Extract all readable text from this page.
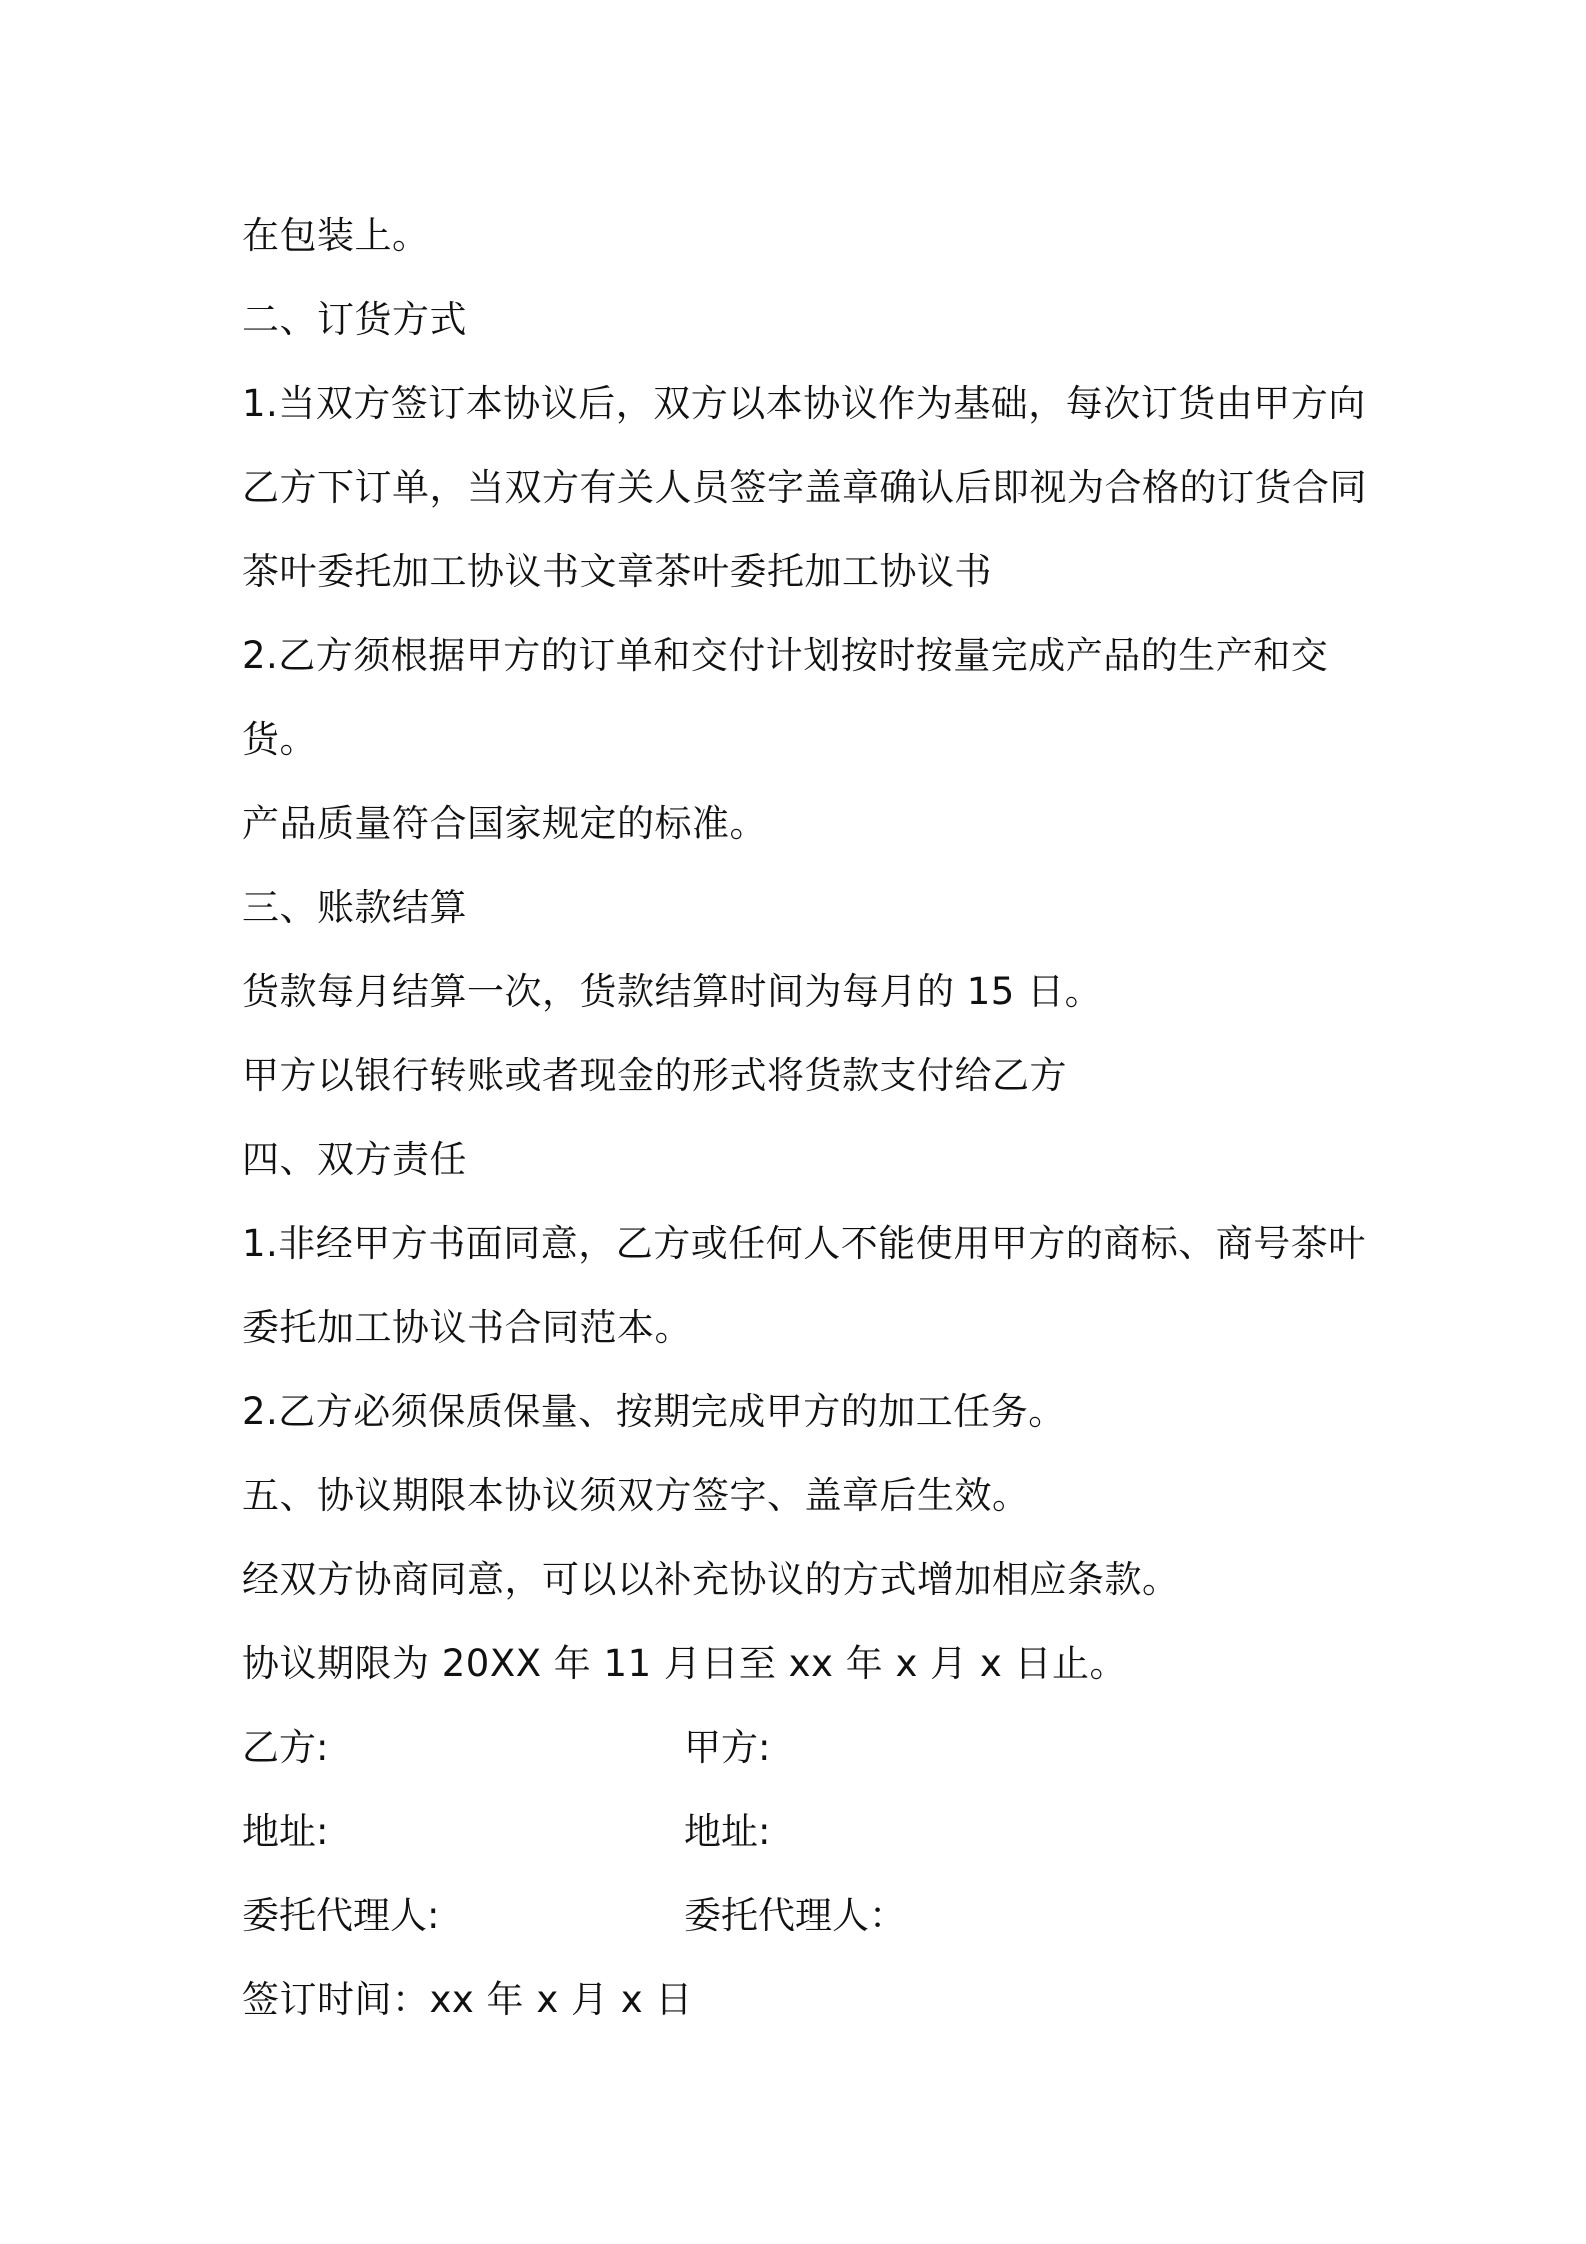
在包装上。
二、订货方式
1.当双方签订本协议后，双方以本协议作为基础，每次订货由甲方向
乙方下订单，当双方有关人员签字盖章确认后即视为合格的订货合同
茶叶委托加工协议书文章茶叶委托加工协议书
2.乙方须根据甲方的订单和交付计划按时按量完成产品的生产和交
货。
产品质量符合国家规定的标准。
三、账款结算
货款每月结算一次，货款结算时间为每月的 15 日。
甲方以银行转账或者现金的形式将货款支付给乙方
四、双方责任
1.非经甲方书面同意，乙方或任何人不能使用甲方的商标、商号茶叶
委托加工协议书合同范本。
2.乙方必须保质保量、按期完成甲方的加工任务。
五、协议期限本协议须双方签字、盖章后生效。
经双方协商同意，可以以补充协议的方式增加相应条款。
协议期限为 20XX 年 11 月日至 xx 年 x 月 x 日止。
乙方:	甲方:
地址:	地址:
委托代理人:	委托代理人：
签订时间：xx 年 x 月 x 日
